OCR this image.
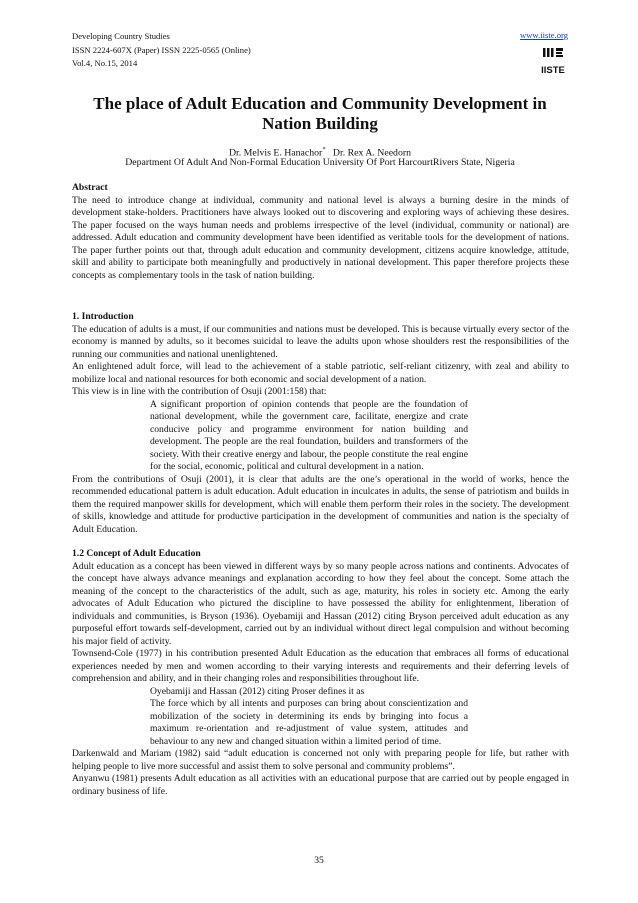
Developing Country Studies
ISSN 2224-607X (Paper) ISSN 2225-0565 (Online)
Vol.4, No.15, 2014
www.iiste.org
IISTE
The place of Adult Education and Community Development in Nation Building
Dr. Melvis E. Hanachor* Dr. Rex A. Needorn
Department Of Adult And Non-Formal Education University Of Port HarcourtRivers State, Nigeria
Abstract

The need to introduce change at individual, community and national level is always a burning desire in the minds of development stake-holders. Practitioners have always looked out to discovering and exploring ways of achieving these desires. The paper focused on the ways human needs and problems irrespective of the level (individual, community or national) are addressed. Adult education and community development have been identified as veritable tools for the development of nations. The paper further points out that, through adult education and community development, citizens acquire knowledge, attitude, skill and ability to participate both meaningfully and productively in national development. This paper therefore projects these concepts as complementary tools in the task of nation building.

1. Introduction

The education of adults is a must, if our communities and nations must be developed. This is because virtually every sector of the economy is manned by adults, so it becomes suicidal to leave the adults upon whose shoulders rest the responsibilities of the running our communities and national unenlightened.

An enlightened adult force, will lead to the achievement of a stable patriotic, self-reliant citizenry, with zeal and ability to mobilize local and national resources for both economic and social development of a nation.

This view is in line with the contribution of Osuji (2001:158) that:

A significant proportion of opinion contends that people are the foundation of national development, while the government care, facilitate, energize and crate conducive policy and programme environment for nation building and development. The people are the real foundation, builders and transformers of the society. With their creative energy and labour, the people constitute the real engine for the social, economic, political and cultural development in a nation.

From the contributions of Osuji (2001), it is clear that adults are the one’s operational in the world of works, hence the recommended educational pattern is adult education. Adult education in inculcates in adults, the sense of patriotism and builds in them the required manpower skills for development, which will enable them perform their roles in the society. The development of skills, knowledge and attitude for productive participation in the development of communities and nation is the specialty of Adult Education.

1.2 Concept of Adult Education

Adult education as a concept has been viewed in different ways by so many people across nations and continents. Advocates of the concept have always advance meanings and explanation according to how they feel about the concept. Some attach the meaning of the concept to the characteristics of the adult, such as age, maturity, his roles in society etc. Among the early advocates of Adult Education who pictured the discipline to have possessed the ability for enlightenment, liberation of individuals and communities, is Bryson (1936). Oyebamiji and Hassan (2012) citing Bryson perceived adult education as any purposeful effort towards self-development, carried out by an individual without direct legal compulsion and without becoming his major field of activity.

Townsend-Cole (1977) in his contribution presented Adult Education as the education that embraces all forms of educational experiences needed by men and women according to their varying interests and requirements and their deferring levels of comprehension and ability, and in their changing roles and responsibilities throughout life.

Oyebamiji and Hassan (2012) citing Proser defines it as

The force which by all intents and purposes can bring about conscientization and mobilization of the society in determining its ends by bringing into focus a maximum re-orientation and re-adjustment of value system, attitudes and behaviour to any new and changed situation within a limited period of time.

Darkenwald and Mariam (1982) said “adult education is concerned not only with preparing people for life, but rather with helping people to live more successful and assist them to solve personal and community problems”.

Anyanwu (1981) presents Adult education as all activities with an educational purpose that are carried out by people engaged in ordinary business of life.

35
